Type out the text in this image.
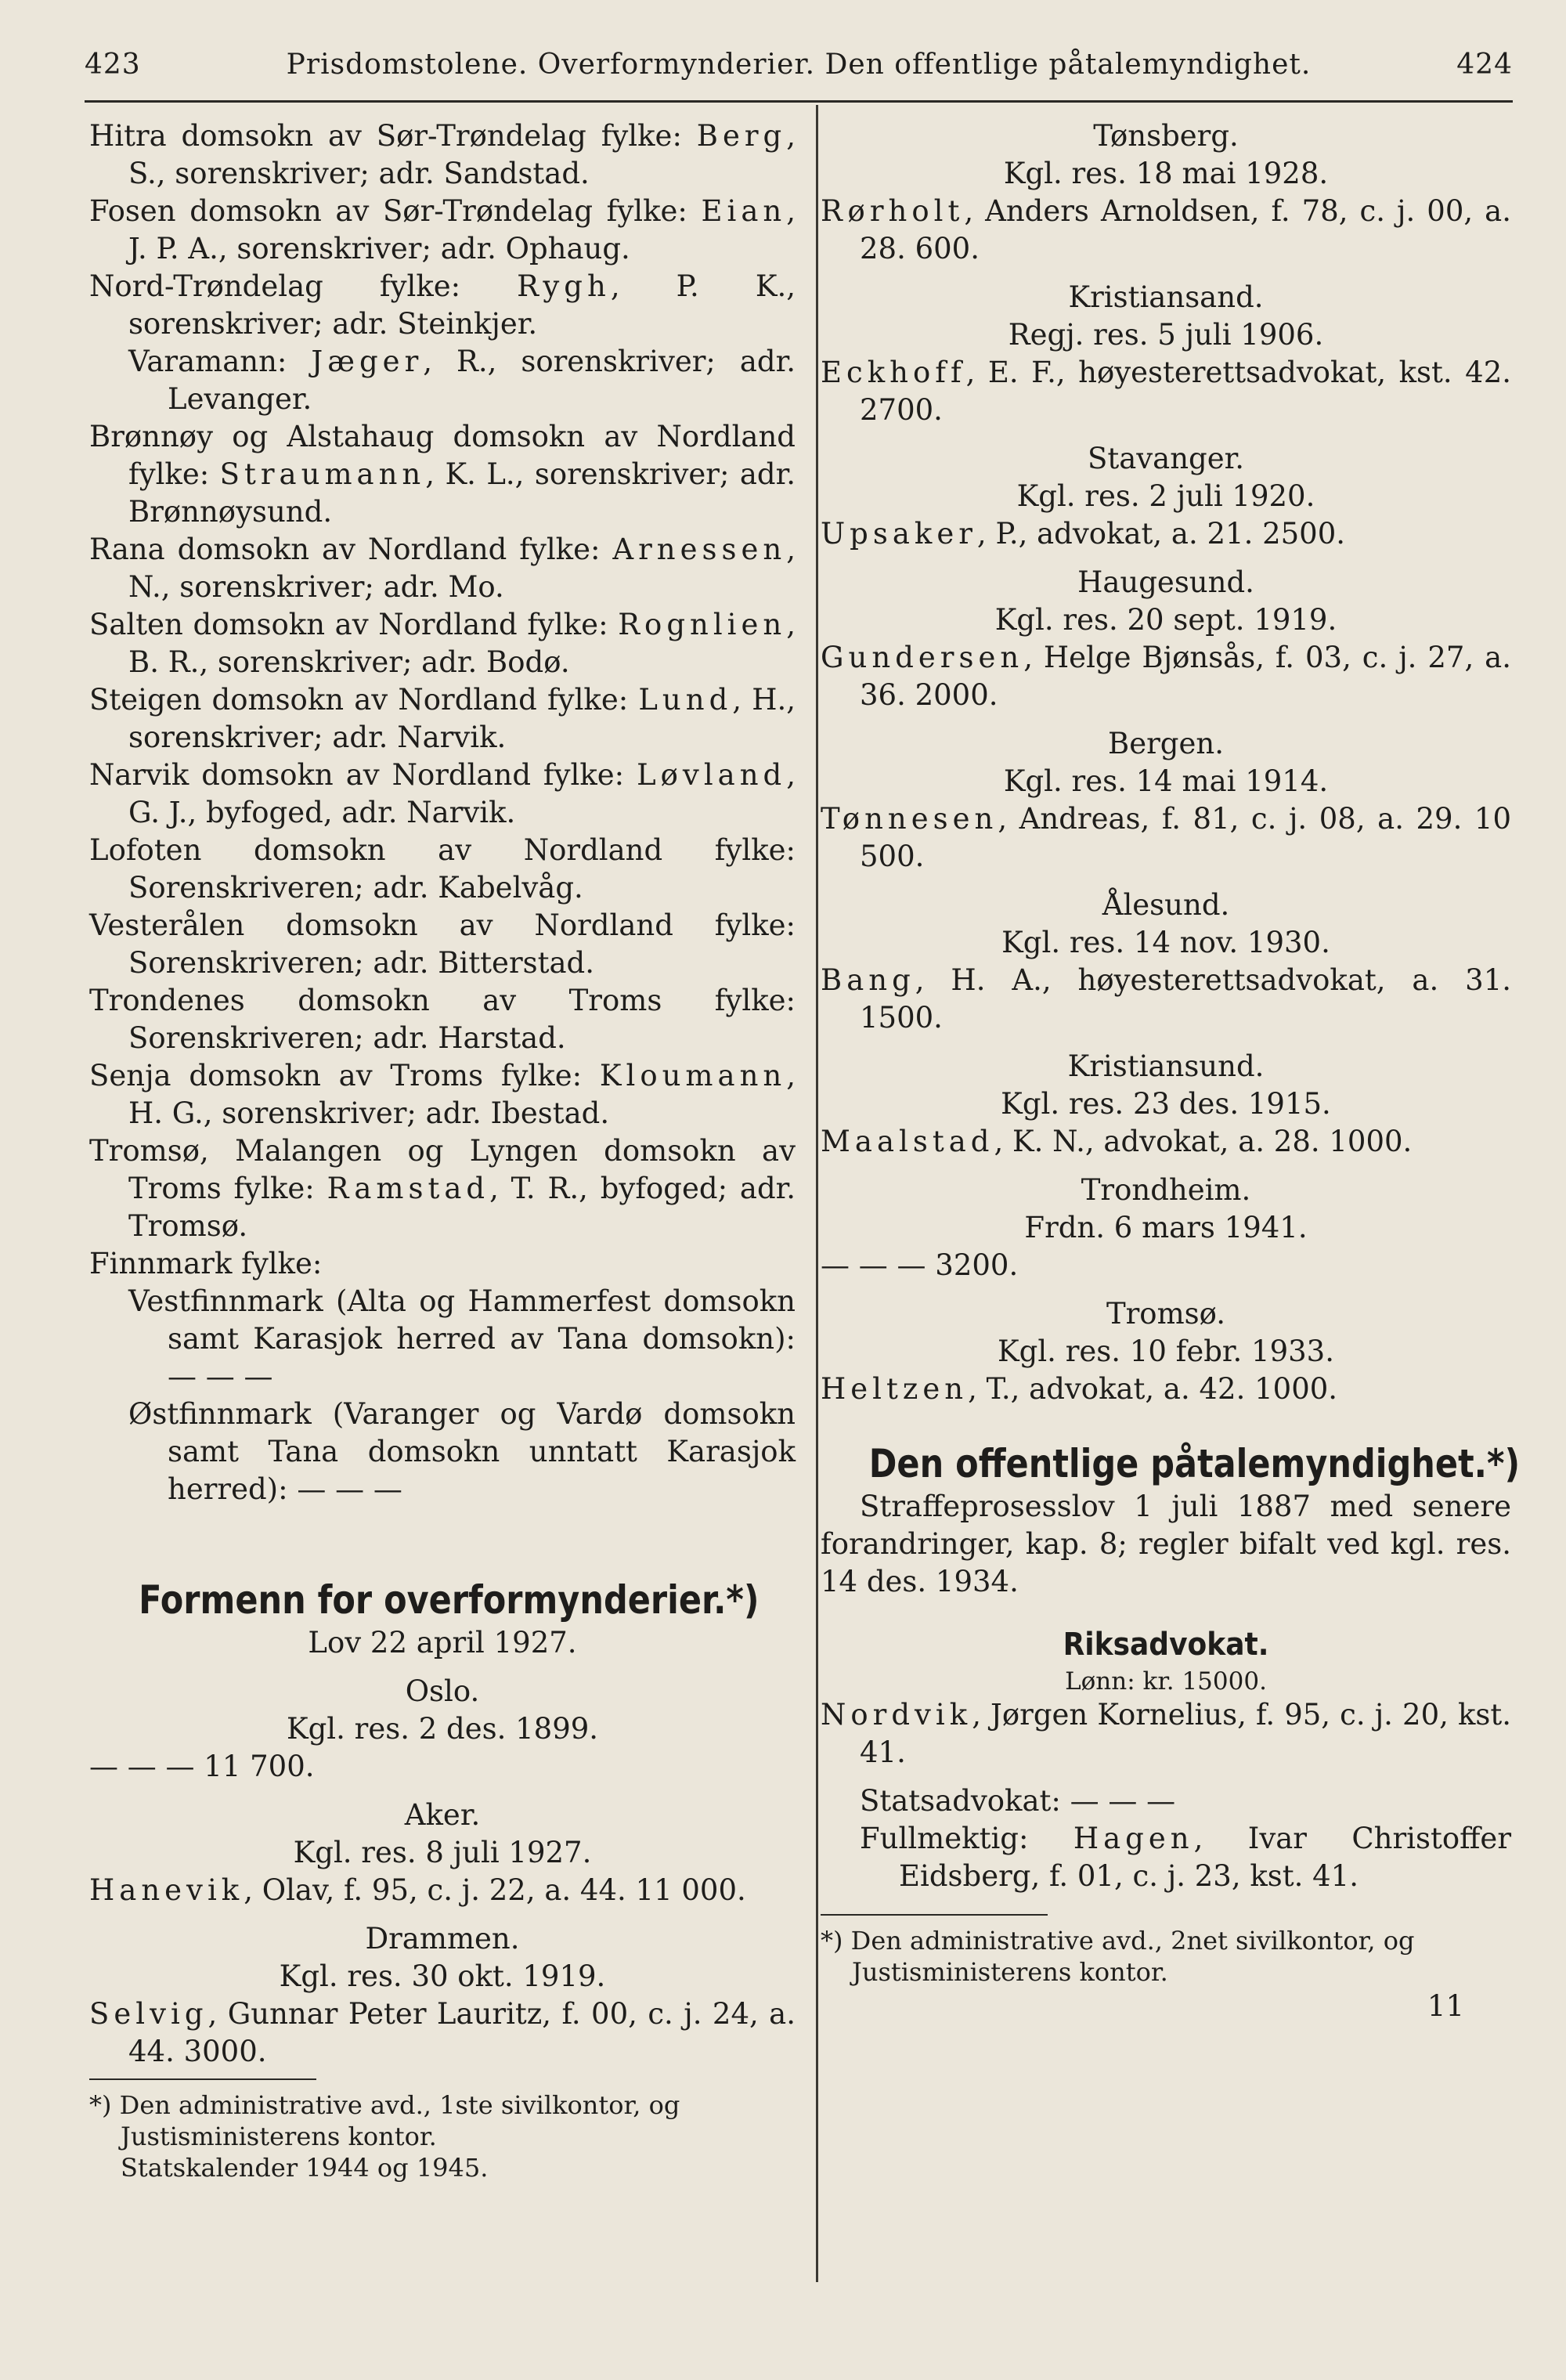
423	Prisdomstolene. Overformynderier. Den offentlige påtalemyndighet.	424

Hitra domsokn av Sør-Trøndelag fylke: Berg, S., sorenskriver; adr. Sandstad.

Fosen domsokn av Sør-Trøndelag fylke: Eian, J. P. A., sorenskriver; adr. Ophaug.

Nord-Trøndelag fylke: Rygh, P. K., sorenskriver; adr. Steinkjer.

Varamann: Jæger, R., sorenskriver; adr. Levanger.

Brønnøy og Alstahaug domsokn av Nordland fylke: Straumann, K. L., sorenskriver; adr. Brønnøysund.

Rana domsokn av Nordland fylke: Arnessen, N., sorenskriver; adr. Mo.

Salten domsokn av Nordland fylke: Rognlien, B. R., sorenskriver; adr. Bodø.

Steigen domsokn av Nordland fylke: Lund, H., sorenskriver; adr. Narvik.

Narvik domsokn av Nordland fylke: Løvland, G. J., byfoged, adr. Narvik.

Lofoten domsokn av Nordland fylke: Sorenskriveren; adr. Kabelvåg.

Vesterålen domsokn av Nordland fylke: Sorenskriveren; adr. Bitterstad.

Trondenes domsokn av Troms fylke: Sorenskriveren; adr. Harstad.

Senja domsokn av Troms fylke: Kloumann, H. G., sorenskriver; adr. Ibestad.

Tromsø, Malangen og Lyngen domsokn av Troms fylke: Ramstad, T. R., byfoged; adr. Tromsø.

Finnmark fylke:

Vestfinnmark (Alta og Hammerfest domsokn samt Karasjok herred av Tana domsokn): — — —

Østfinnmark (Varanger og Vardø domsokn samt Tana domsokn unntatt Karasjok herred): — — —

Formenn for overformynderier.*)

Lov 22 april 1927.

Oslo.

Kgl. res. 2 des. 1899.

— — — 11 700.

Aker.

Kgl. res. 8 juli 1927.

Hanevik, Olav, f. 95, c. j. 22, a. 44. 11 000.

Drammen.

Kgl. res. 30 okt. 1919.

Selvig, Gunnar Peter Lauritz, f. 00, c. j. 24, a. 44. 3000.

*) Den administrative avd., 1ste sivilkontor, og Justisministerens kontor.

Statskalender 1944 og 1945.

Tønsberg.

Kgl. res. 18 mai 1928.

Rørholt, Anders Arnoldsen, f. 78, c. j. 00, a. 28. 600.

Kristiansand.

Regj. res. 5 juli 1906.

Eckhoff, E. F., høyesterettsadvokat, kst. 42. 2700.

Stavanger.

Kgl. res. 2 juli 1920.

Upsaker, P., advokat, a. 21. 2500.

Haugesund.

Kgl. res. 20 sept. 1919.

Gundersen, Helge Bjønsås, f. 03, c. j. 27, a. 36. 2000.

Bergen.

Kgl. res. 14 mai 1914.

Tønnesen, Andreas, f. 81, c. j. 08, a. 29. 10 500.

Ålesund.

Kgl. res. 14 nov. 1930.

Bang, H. A., høyesterettsadvokat, a. 31. 1500.

Kristiansund.

Kgl. res. 23 des. 1915.

Maalstad, K. N., advokat, a. 28. 1000.

Trondheim.

Frdn. 6 mars 1941.

— — — 3200.

Tromsø.

Kgl. res. 10 febr. 1933.

Heltzen, T., advokat, a. 42. 1000.

Den offentlige påtalemyndighet.*)

Straffeprosesslov 1 juli 1887 med senere forandringer, kap. 8; regler bifalt ved kgl. res. 14 des. 1934.

Riksadvokat.

Lønn: kr. 15000.

Nordvik, Jørgen Kornelius, f. 95, c. j. 20, kst. 41.

Statsadvokat: — — —

Fullmektig: Hagen, Ivar Christoffer Eidsberg, f. 01, c. j. 23, kst. 41.

*) Den administrative avd., 2net sivilkontor, og Justisministerens kontor.

11
